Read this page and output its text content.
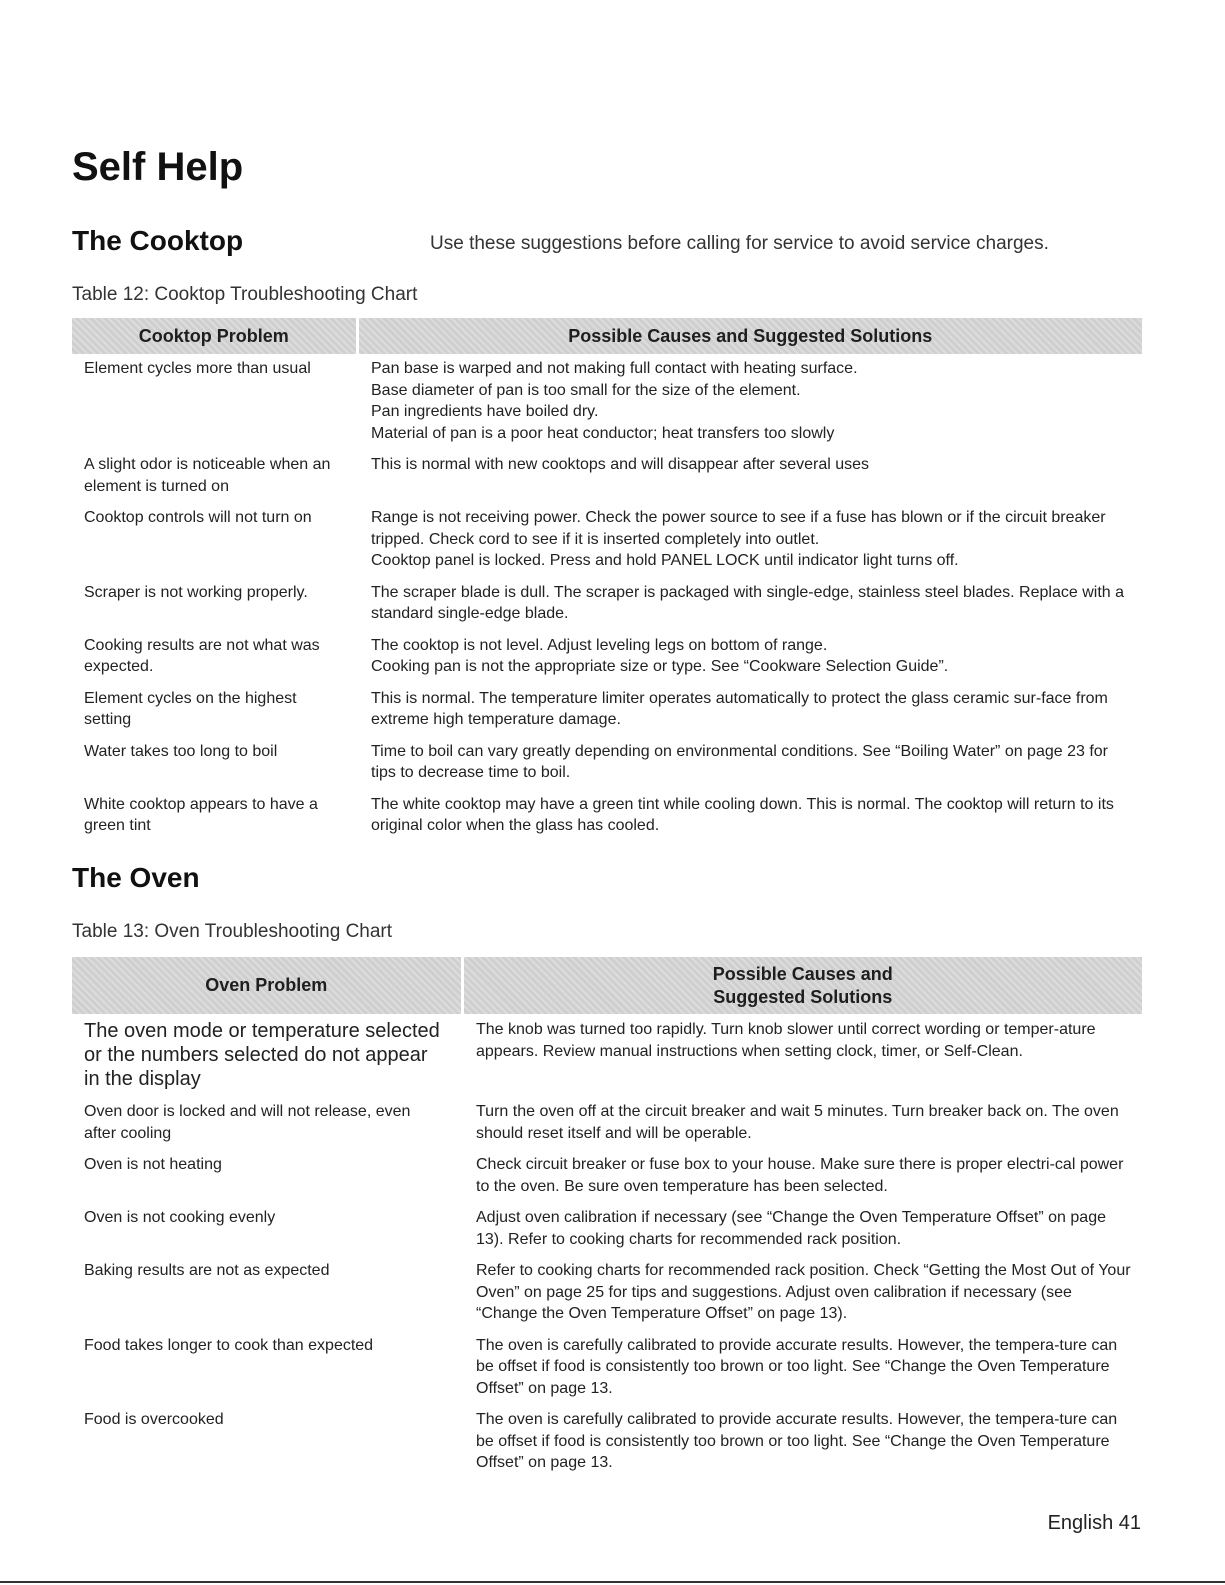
Self Help
The Cooktop	Use these suggestions before calling for service to avoid service charges.
Table 12: Cooktop Troubleshooting Chart
Cooktop Problem	Possible Causes and Suggested Solutions
Element cycles more than usual	Pan base is warped and not making full contact with heating surface.
Base diameter of pan is too small for the size of the element.
Pan ingredients have boiled dry.
Material of pan is a poor heat conductor; heat transfers too slowly

A slight odor is noticeable when an element is turned on	This is normal with new cooktops and will disappear after several uses

Cooktop controls will not turn on	Range is not receiving power. Check the power source to see if a fuse has blown or if the circuit breaker tripped. Check cord to see if it is inserted completely into outlet.
Cooktop panel is locked. Press and hold PANEL LOCK until indicator light turns off.

Scraper is not working properly.	The scraper blade is dull. The scraper is packaged with single-edge, stainless steel blades. Replace with a standard single-edge blade.

Cooking results are not what was expected.	The cooktop is not level. Adjust leveling legs on bottom of range.
Cooking pan is not the appropriate size or type. See “Cookware Selection Guide”.

Element cycles on the highest setting	This is normal. The temperature limiter operates automatically to protect the glass ceramic sur-face from extreme high temperature damage.

Water takes too long to boil	Time to boil can vary greatly depending on environmental conditions. See “Boiling Water” on page 23 for tips to decrease time to boil.

White cooktop appears to have a green tint	The white cooktop may have a green tint while cooling down. This is normal. The cooktop will return to its original color when the glass has cooled.
The Oven
Table 13: Oven Troubleshooting Chart
Oven Problem	Possible Causes and
Suggested Solutions

The oven mode or temperature selected or the numbers selected do not appear in the display	The knob was turned too rapidly. Turn knob slower until correct wording or temper-ature appears. Review manual instructions when setting clock, timer, or Self-Clean.

Oven door is locked and will not release, even after cooling	Turn the oven off at the circuit breaker and wait 5 minutes. Turn breaker back on. The oven should reset itself and will be operable.

Oven is not heating	Check circuit breaker or fuse box to your house. Make sure there is proper electri-cal power to the oven. Be sure oven temperature has been selected.

Oven is not cooking evenly	Adjust oven calibration if necessary (see “Change the Oven Temperature Offset” on page 13). Refer to cooking charts for recommended rack position.

Baking results are not as expected	Refer to cooking charts for recommended rack position. Check “Getting the Most Out of Your Oven” on page 25 for tips and suggestions. Adjust oven calibration if necessary (see “Change the Oven Temperature Offset” on page 13).

Food takes longer to cook than expected	The oven is carefully calibrated to provide accurate results. However, the tempera-ture can be offset if food is consistently too brown or too light. See “Change the Oven Temperature Offset” on page 13.

Food is overcooked	The oven is carefully calibrated to provide accurate results. However, the tempera-ture can be offset if food is consistently too brown or too light. See “Change the Oven Temperature Offset” on page 13.
English 41
